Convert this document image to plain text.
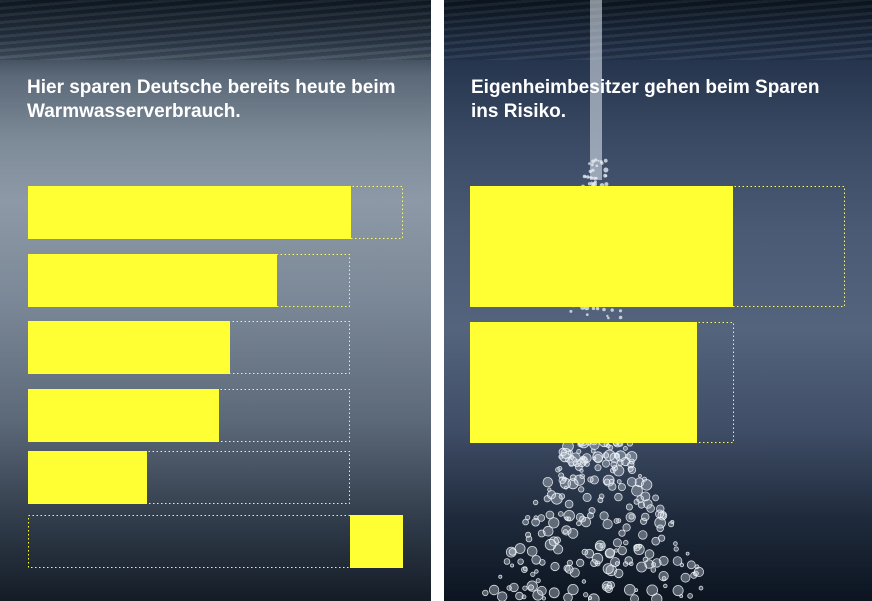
Hier sparen Deutsche bereits heute beim Warmwasserverbrauch.
Eigenheimbesitzer gehen beim Sparen ins Risiko.
